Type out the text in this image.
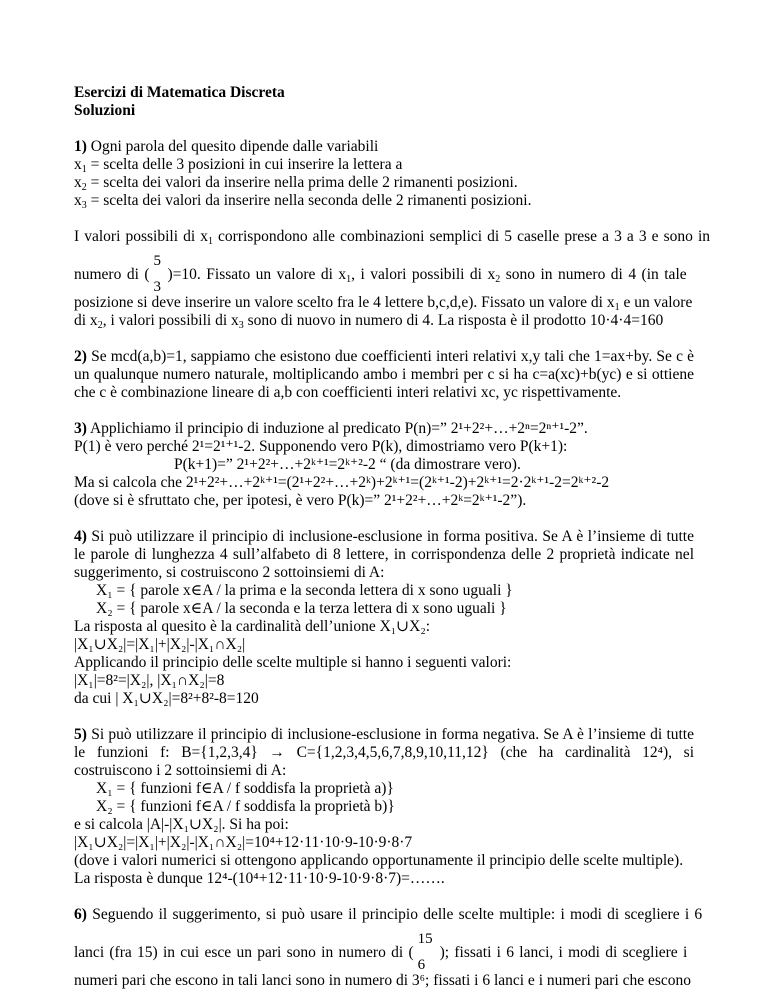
Esercizi di Matematica Discreta
Soluzioni
1) Ogni parola del quesito dipende dalle variabili
$x_1$ = scelta delle 3 posizioni in cui inserire la lettera a
$x_2$ = scelta dei valori da inserire nella prima delle 2 rimanenti posizioni.
$x_3$ = scelta dei valori da inserire nella seconda delle 2 rimanenti posizioni.
I valori possibili di $x_1$ corrispondono alle combinazioni semplici di 5 caselle prese a 3 a 3 e sono in
numero di (
5
3
)=10. Fissato un valore di $x_1$, i valori possibili di $x_2$ sono in numero di 4 (in tale
posizione si deve inserire un valore scelto fra le 4 lettere b,c,d,e). Fissato un valore di $x_1$ e un valore
di $x_2$, i valori possibili di $x_3$ sono di nuovo in numero di 4. La risposta è il prodotto 10·4·4=160
2) Se mcd(a,b)=1, sappiamo che esistono due coefficienti interi relativi x,y tali che 1=ax+by. Se c è un qualunque numero naturale, moltiplicando ambo i membri per c si ha c=a(xc)+b(yc) e si ottiene che c è combinazione lineare di a,b con coefficienti interi relativi xc, yc rispettivamente.
3) Applichiamo il principio di induzione al predicato P(n)=” 2¹+2²+…+2ⁿ=2ⁿ⁺¹-2”.
P(1) è vero perché 2¹=2¹⁺¹-2. Supponendo vero P(k), dimostriamo vero P(k+1):
P(k+1)=” 2¹+2²+…+2ᵏ⁺¹=2ᵏ⁺²-2 “ (da dimostrare vero).
Ma si calcola che 2¹+2²+…+2ᵏ⁺¹=(2¹+2²+…+2ᵏ)+2ᵏ⁺¹=(2ᵏ⁺¹-2)+2ᵏ⁺¹=2·2ᵏ⁺¹-2=2ᵏ⁺²-2
(dove si è sfruttato che, per ipotesi, è vero P(k)=” 2¹+2²+…+2ᵏ=2ᵏ⁺¹-2”).
4) Si può utilizzare il principio di inclusione-esclusione in forma positiva. Se A è l’insieme di tutte le parole di lunghezza 4 sull’alfabeto di 8 lettere, in corrispondenza delle 2 proprietà indicate nel suggerimento, si costruiscono 2 sottoinsiemi di A:
X₁ = { parole x∈A / la prima e la seconda lettera di x sono uguali }
X₂ = { parole x∈A / la seconda e la terza lettera di x sono uguali }
La risposta al quesito è la cardinalità dell’unione X₁∪X₂:
|X₁∪X₂|=|X₁|+|X₂|-|X₁∩X₂|
Applicando il principio delle scelte multiple si hanno i seguenti valori:
|X₁|=8²=|X₂|, |X₁∩X₂|=8
da cui | X₁∪X₂|=8²+8²-8=120
5) Si può utilizzare il principio di inclusione-esclusione in forma negativa. Se A è l’insieme di tutte le funzioni f: B={1,2,3,4} → C={1,2,3,4,5,6,7,8,9,10,11,12} (che ha cardinalità 12⁴), si costruiscono i 2 sottoinsiemi di A:
X₁ = { funzioni f∈A / f soddisfa la proprietà a)}
X₂ = { funzioni f∈A / f soddisfa la proprietà b)}
e si calcola |A|-|X₁∪X₂|. Si ha poi:
|X₁∪X₂|=|X₁|+|X₂|-|X₁∩X₂|=10⁴+12·11·10·9-10·9·8·7
(dove i valori numerici si ottengono applicando opportunamente il principio delle scelte multiple).
La risposta è dunque 12⁴-(10⁴+12·11·10·9-10·9·8·7)=…….
6) Seguendo il suggerimento, si può usare il principio delle scelte multiple: i modi di scegliere i 6
lanci (fra 15) in cui esce un pari sono in numero di (
15
6
); fissati i 6 lanci, i modi di scegliere i
numeri pari che escono in tali lanci sono in numero di 3⁶; fissati i 6 lanci e i numeri pari che escono
